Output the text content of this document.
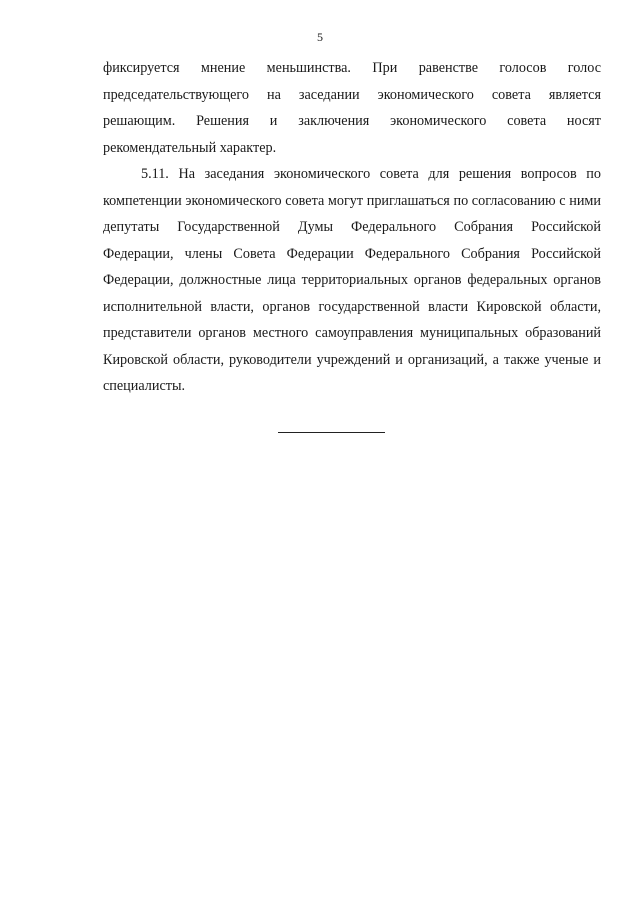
5

фиксируется мнение меньшинства. При равенстве голосов голос председательствующего на заседании экономического совета является решающим. Решения и заключения экономического совета носят рекомендательный характер.

5.11. На заседания экономического совета для решения вопросов по компетенции экономического совета могут приглашаться по согласованию с ними депутаты Государственной Думы Федерального Собрания Российской Федерации, члены Совета Федерации Федерального Собрания Российской Федерации, должностные лица территориальных органов федеральных органов исполнительной власти, органов государственной власти Кировской области, представители органов местного самоуправления муниципальных образований Кировской области, руководители учреждений и организаций, а также ученые и специалисты.
